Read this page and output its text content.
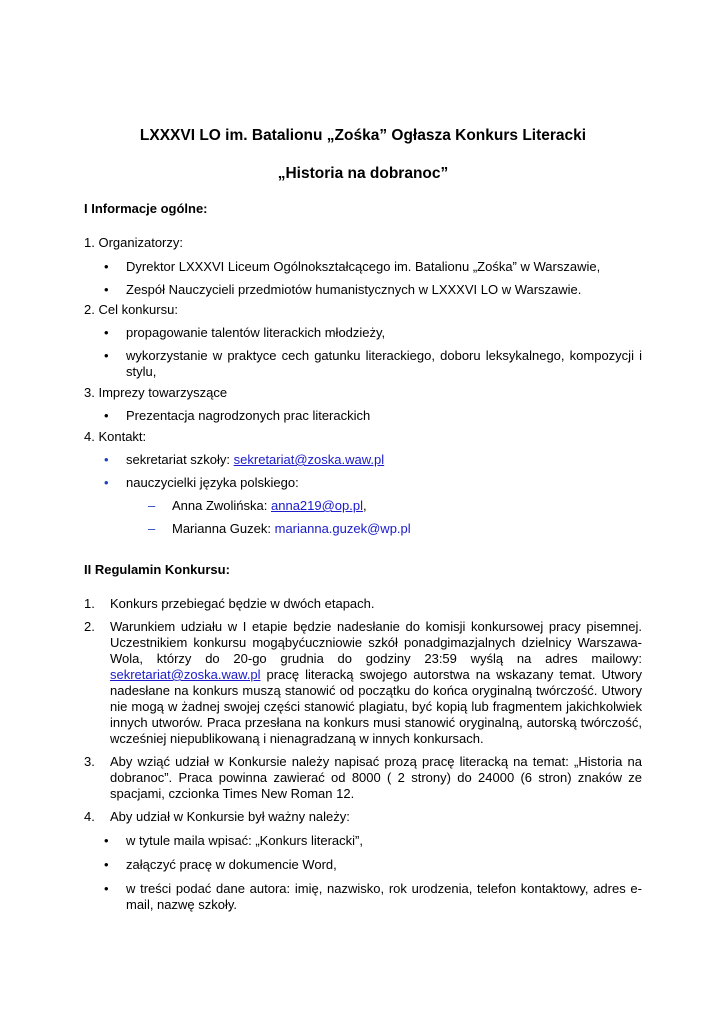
LXXXVI LO im. Batalionu „Zośka” Ogłasza Konkurs Literacki

„Historia na dobranoc”

I Informacje ogólne:

1. Organizatorzy:

• Dyrektor LXXXVI Liceum Ogólnokształcącego im. Batalionu „Zośka” w Warszawie,
• Zespół Nauczycieli przedmiotów humanistycznych w LXXXVI LO w Warszawie.

2. Cel konkursu:

• propagowanie talentów literackich młodzieży,
• wykorzystanie w praktyce cech gatunku literackiego, doboru leksykalnego, kompozycji i stylu,

3. Imprezy towarzyszące

• Prezentacja nagrodzonych prac literackich

4. Kontakt:

• sekretariat szkoły: sekretariat@zoska.waw.pl
• nauczycielki języka polskiego:
– Anna Zwolińska: anna219@op.pl,
– Marianna Guzek: marianna.guzek@wp.pl

II Regulamin Konkursu:

1. Konkurs przebiegać będzie w dwóch etapach.

2. Warunkiem udziału w I etapie będzie nadesłanie do komisji konkursowej pracy pisemnej. Uczestnikiem konkursu mogąbyćuczniowie szkół ponadgimazjalnych dzielnicy Warszawa-Wola, którzy do 20-go grudnia do godziny 23:59 wyślą na adres mailowy: sekretariat@zoska.waw.pl pracę literacką swojego autorstwa na wskazany temat. Utwory nadesłane na konkurs muszą stanowić od początku do końca oryginalną twórczość. Utwory nie mogą w żadnej swojej części stanowić plagiatu, być kopią lub fragmentem jakichkolwiek innych utworów. Praca przesłana na konkurs musi stanowić oryginalną, autorską twórczość, wcześniej niepublikowaną i nienagradzaną w innych konkursach.

3. Aby wziąć udział w Konkursie należy napisać prozą pracę literacką na temat: „Historia na dobranoc”. Praca powinna zawierać od 8000 ( 2 strony) do 24000 (6 stron) znaków ze spacjami, czcionka Times New Roman 12.

4. Aby udział w Konkursie był ważny należy:

• w tytule maila wpisać: „Konkurs literacki”,
• załączyć pracę w dokumencie Word,
• w treści podać dane autora: imię, nazwisko, rok urodzenia, telefon kontaktowy, adres e-mail, nazwę szkoły.
